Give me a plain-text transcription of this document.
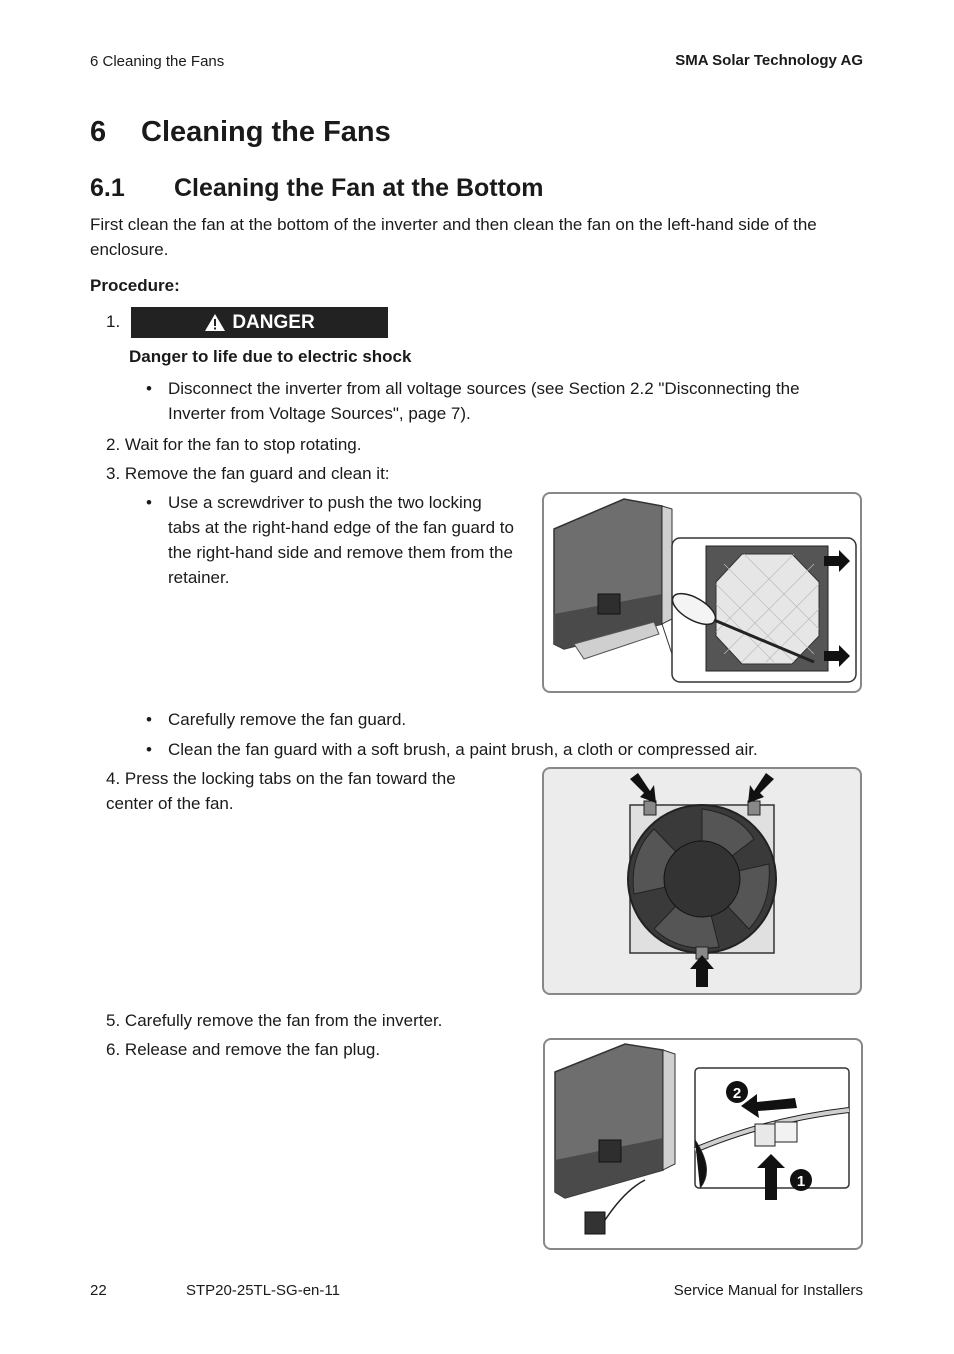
6 Cleaning the Fans	SMA Solar Technology AG
6 Cleaning the Fans
6.1 Cleaning the Fan at the Bottom
First clean the fan at the bottom of the inverter and then clean the fan on the left-hand side of the enclosure.
Procedure:
1.	DANGER
Danger to life due to electric shock
• Disconnect the inverter from all voltage sources (see Section 2.2 "Disconnecting the Inverter from Voltage Sources", page 7).
2. Wait for the fan to stop rotating.
3. Remove the fan guard and clean it:
• Use a screwdriver to push the two locking tabs at the right-hand edge of the fan guard to the right-hand side and remove them from the retainer.
• Carefully remove the fan guard.
• Clean the fan guard with a soft brush, a paint brush, a cloth or compressed air.
4. Press the locking tabs on the fan toward the center of the fan.
5. Carefully remove the fan from the inverter.
6. Release and remove the fan plug.
2
1
22	STP20-25TL-SG-en-11	Service Manual for Installers
